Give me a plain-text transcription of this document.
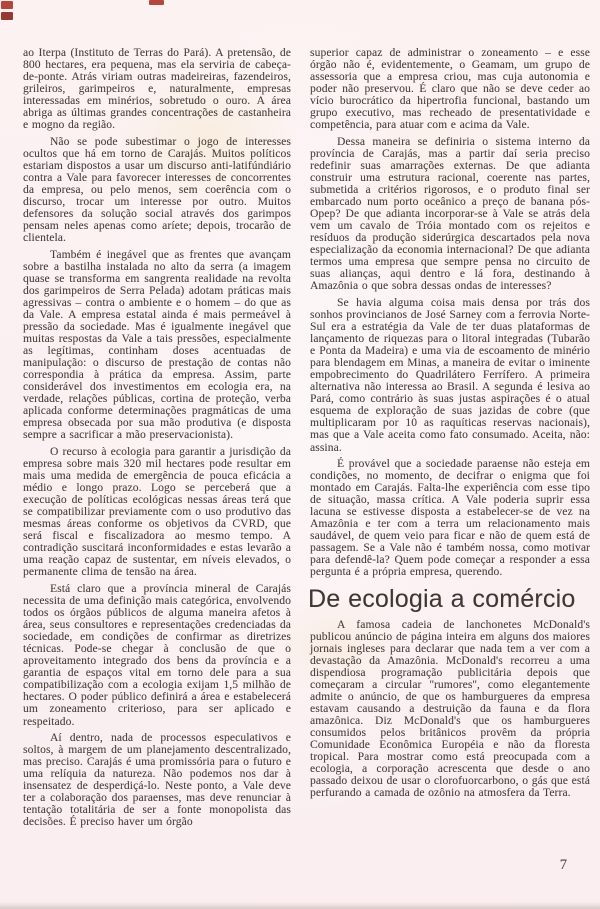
ao Iterpa (Instituto de Terras do Pará). A pretensão, de 800 hectares, era pequena, mas ela serviria de cabeça-de-ponte. Atrás viriam outras madeireiras, fazendeiros, grileiros, garimpeiros e, naturalmente, empresas interessadas em minérios, sobretudo o ouro. A área abriga as últimas grandes concentrações de castanheira e mogno da região.

Não se pode subestimar o jogo de interesses ocultos que há em torno de Carajás. Muitos políticos estariam dispostos a usar um discurso anti-latifúndiário contra a Vale para favorecer interesses de concorrentes da empresa, ou pelo menos, sem coerência com o discurso, trocar um interesse por outro. Muitos defensores da solução social através dos garimpos pensam neles apenas como aríete; depois, trocarão de clientela.

Também é inegável que as frentes que avançam sobre a bastilha instalada no alto da serra (a imagem quase se transforma em sangrenta realidade na revolta dos garimpeiros de Serra Pelada) adotam práticas mais agressivas – contra o ambiente e o homem – do que as da Vale. A empresa estatal ainda é mais permeável à pressão da sociedade. Mas é igualmente inegável que muitas respostas da Vale a tais pressões, especialmente as legítimas, continham doses acentuadas de manipulação: o discurso de prestação de contas não correspondia à prática da empresa. Assim, parte considerável dos investimentos em ecologia era, na verdade, relações públicas, cortina de proteção, verba aplicada conforme determinações pragmáticas de uma empresa obsecada por sua mão produtiva (e disposta sempre a sacrificar a mão preservacionista).

O recurso à ecologia para garantir a jurisdição da empresa sobre mais 320 mil hectares pode resultar em mais uma medida de emergência de pouca eficácia a médio e longo prazo. Logo se perceberá que a execução de políticas ecológicas nessas áreas terá que se compatibilizar previamente com o uso produtivo das mesmas áreas conforme os objetivos da CVRD, que será fiscal e fiscalizadora ao mesmo tempo. A contradição suscitará inconformidades e estas levarão a uma reação capaz de sustentar, em níveis elevados, o permanente clima de tensão na área.

Está claro que a província mineral de Carajás necessita de uma definição mais categórica, envolvendo todos os órgãos públicos de alguma maneira afetos à área, seus consultores e representações credenciadas da sociedade, em condições de confirmar as diretrizes técnicas. Pode-se chegar à conclusão de que o aproveitamento integrado dos bens da província e a garantia de espaços vital em torno dele para a sua compatibilização com a ecologia exijam 1,5 milhão de hectares. O poder público definirá a área e estabelecerá um zoneamento criterioso, para ser aplicado e respeitado.

Aí dentro, nada de processos especulativos e soltos, à margem de um planejamento descentralizado, mas preciso. Carajás é uma promissória para o futuro e uma relíquia da natureza. Não podemos nos dar à insensatez de desperdiçá-lo. Neste ponto, a Vale deve ter a colaboração dos paraenses, mas deve renunciar à tentação totalitária de ser a fonte monopolista das decisões. É preciso haver um órgão

superior capaz de administrar o zoneamento – e esse órgão não é, evidentemente, o Geamam, um grupo de assessoria que a empresa criou, mas cuja autonomia e poder não preservou. É claro que não se deve ceder ao vício burocrático da hipertrofia funcional, bastando um grupo executivo, mas recheado de presentatividade e competência, para atuar com e acima da Vale.

Dessa maneira se definiria o sistema interno da província de Carajás, mas a partir daí seria preciso redefinir suas amarrações externas. De que adianta construir uma estrutura racional, coerente nas partes, submetida a critérios rigorosos, e o produto final ser embarcado num porto oceânico a preço de banana pós-Opep? De que adianta incorporar-se à Vale se atrás dela vem um cavalo de Tróia montado com os rejeitos e resíduos da produção siderúrgica descartados pela nova especialização da economia internacional? De que adianta termos uma empresa que sempre pensa no circuito de suas alianças, aqui dentro e lá fora, destinando à Amazônia o que sobra dessas ondas de interesses?

Se havia alguma coisa mais densa por trás dos sonhos provincianos de José Sarney com a ferrovia Norte-Sul era a estratégia da Vale de ter duas plataformas de lançamento de riquezas para o litoral integradas (Tubarão e Ponta da Madeira) e uma via de escoamento de minério para blendagem em Minas, a maneira de evitar o iminente empobrecimento do Quadrilátero Ferrífero. A primeira alternativa não interessa ao Brasil. A segunda é lesiva ao Pará, como contrário às suas justas aspirações é o atual esquema de exploração de suas jazidas de cobre (que multiplicaram por 10 as raquíticas reservas nacionais), mas que a Vale aceita como fato consumado. Aceita, não: assina.

É provável que a sociedade paraense não esteja em condições, no momento, de decifrar o enigma que foi montado em Carajás. Falta-lhe experiência com esse tipo de situação, massa crítica. A Vale poderia suprir essa lacuna se estivesse disposta a estabelecer-se de vez na Amazônia e ter com a terra um relacionamento mais saudável, de quem veio para ficar e não de quem está de passagem. Se a Vale não é também nossa, como motivar para defendê-la? Quem pode começar a responder a essa pergunta é a própria empresa, querendo.

De ecologia a comércio

A famosa cadeia de lanchonetes McDonald's publicou anúncio de página inteira em alguns dos maiores jornais ingleses para declarar que nada tem a ver com a devastação da Amazônia. McDonald's recorreu a uma dispendiosa programação publicitária depois que começaram a circular ''rumores'', como elegantemente admite o anúncio, de que os hamburgueres da empresa estavam causando a destruição da fauna e da flora amazônica. Diz McDonald's que os hamburgueres consumidos pelos britânicos provêm da própria Comunidade Econômica Européia e não da floresta tropical. Para mostrar como está preocupada com a ecologia, a corporação acrescenta que desde o ano passado deixou de usar o clorofuorcarbono, o gás que está perfurando a camada de ozônio na atmosfera da Terra.

7
